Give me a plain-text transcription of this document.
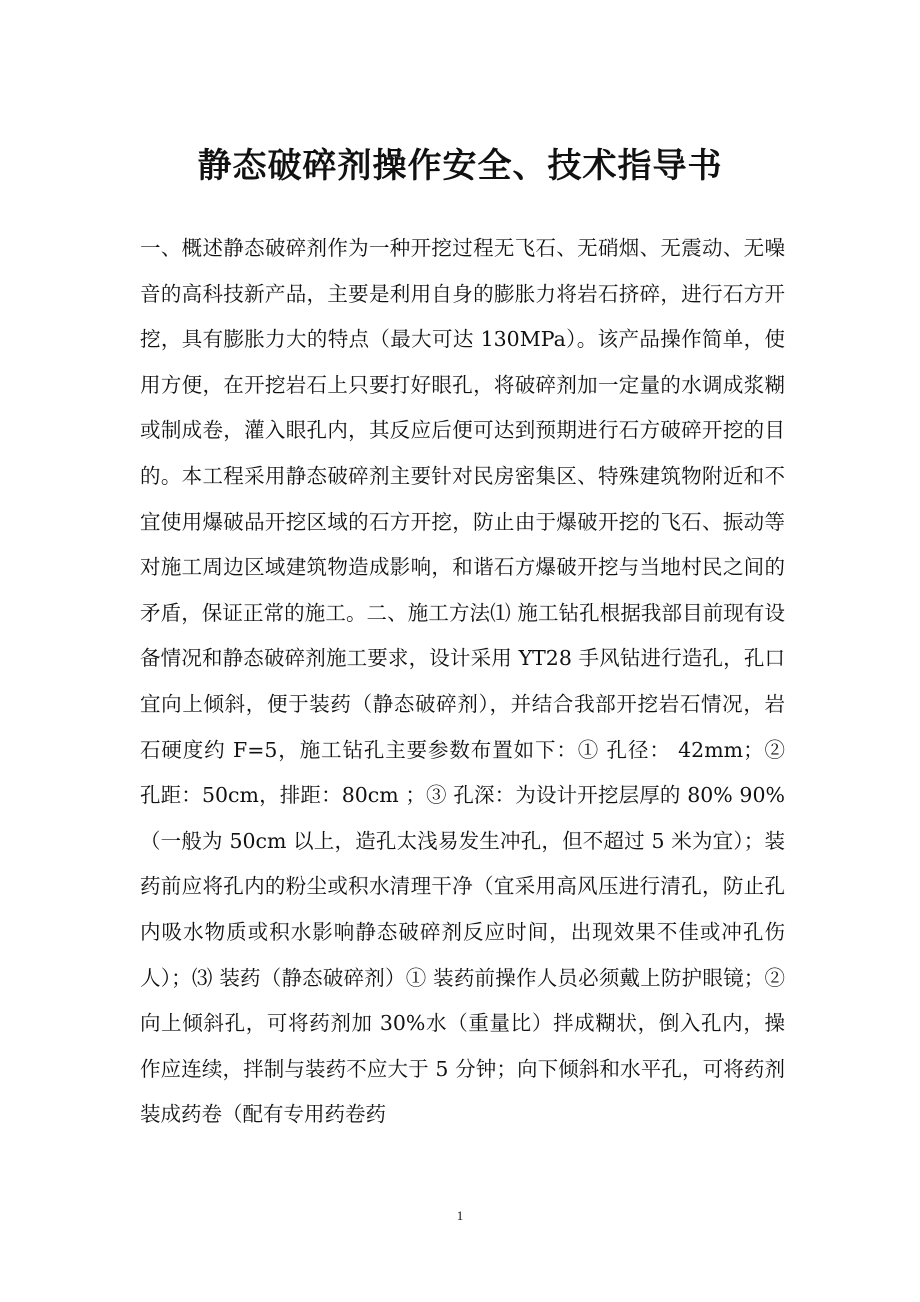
静态破碎剂操作安全、技术指导书

一、概述静态破碎剂作为一种开挖过程无飞石、无硝烟、无震动、无噪音的高科技新产品，主要是利用自身的膨胀力将岩石挤碎，进行石方开挖，具有膨胀力大的特点（最大可达 130MPa）。该产品操作简单，使用方便，在开挖岩石上只要打好眼孔，将破碎剂加一定量的水调成浆糊或制成卷，灌入眼孔内，其反应后便可达到预期进行石方破碎开挖的目的。本工程采用静态破碎剂主要针对民房密集区、特殊建筑物附近和不宜使用爆破品开挖区域的石方开挖，防止由于爆破开挖的飞石、振动等对施工周边区域建筑物造成影响，和谐石方爆破开挖与当地村民之间的矛盾，保证正常的施工。二、施工方法⑴ 施工钻孔根据我部目前现有设备情况和静态破碎剂施工要求，设计采用 YT28 手风钻进行造孔，孔口宜向上倾斜，便于装药（静态破碎剂），并结合我部开挖岩石情况，岩石硬度约 F=5，施工钻孔主要参数布置如下：① 孔径： 42mm；② 孔距：50cm，排距：80cm ；③ 孔深：为设计开挖层厚的 80% 90%（一般为 50cm 以上，造孔太浅易发生冲孔，但不超过 5 米为宜）；装药前应将孔内的粉尘或积水清理干净（宜采用高风压进行清孔，防止孔内吸水物质或积水影响静态破碎剂反应时间，出现效果不佳或冲孔伤人）；⑶ 装药（静态破碎剂）① 装药前操作人员必须戴上防护眼镜；② 向上倾斜孔，可将药剂加 30%水（重量比）拌成糊状，倒入孔内，操作应连续，拌制与装药不应大于 5 分钟；向下倾斜和水平孔，可将药剂装成药卷（配有专用药卷药

1
